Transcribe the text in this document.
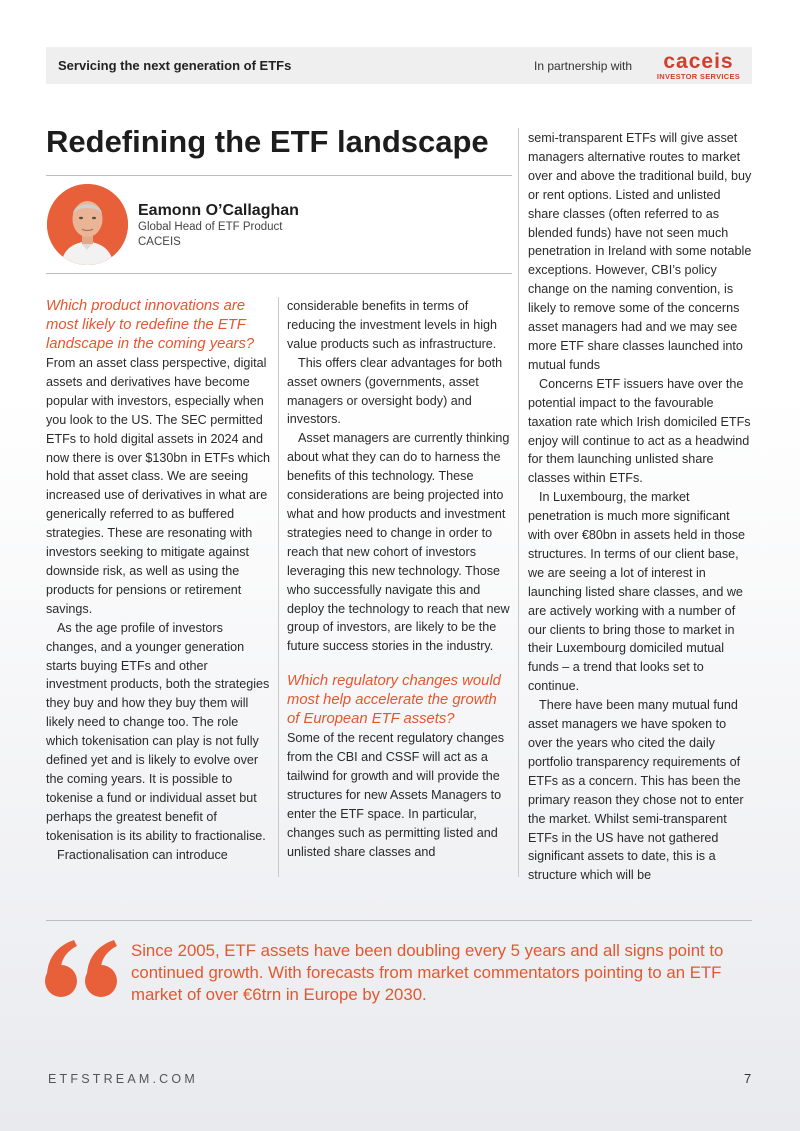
Servicing the next generation of ETFs	In partnership with	caceis
INVESTOR SERVICES
Redefining the ETF landscape
Eamonn O’Callaghan
Global Head of ETF Product
CACEIS
Which product innovations are most likely to redefine the ETF landscape in the coming years?

From an asset class perspective, digital assets and derivatives have become popular with investors, especially when you look to the US. The SEC permitted ETFs to hold digital assets in 2024 and now there is over $130bn in ETFs which hold that asset class. We are seeing increased use of derivatives in what are generically referred to as buffered strategies. These are resonating with investors seeking to mitigate against downside risk, as well as using the products for pensions or retirement savings.

As the age profile of investors changes, and a younger generation starts buying ETFs and other investment products, both the strategies they buy and how they buy them will likely need to change too. The role which tokenisation can play is not fully defined yet and is likely to evolve over the coming years. It is possible to tokenise a fund or individual asset but perhaps the greatest benefit of tokenisation is its ability to fractionalise.

Fractionalisation can introduce

considerable benefits in terms of reducing the investment levels in high value products such as infrastructure.

This offers clear advantages for both asset owners (governments, asset managers or oversight body) and investors.

Asset managers are currently thinking about what they can do to harness the benefits of this technology. These considerations are being projected into what and how products and investment strategies need to change in order to reach that new cohort of investors leveraging this new technology. Those who successfully navigate this and deploy the technology to reach that new group of investors, are likely to be the future success stories in the industry.

Which regulatory changes would most help accelerate the growth of European ETF assets?

Some of the recent regulatory changes from the CBI and CSSF will act as a tailwind for growth and will provide the structures for new Assets Managers to enter the ETF space. In particular, changes such as permitting listed and unlisted share classes and

semi-transparent ETFs will give asset managers alternative routes to market over and above the traditional build, buy or rent options. Listed and unlisted share classes (often referred to as blended funds) have not seen much penetration in Ireland with some notable exceptions. However, CBI’s policy change on the naming convention, is likely to remove some of the concerns asset managers had and we may see more ETF share classes launched into mutual funds

Concerns ETF issuers have over the potential impact to the favourable taxation rate which Irish domiciled ETFs enjoy will continue to act as a headwind for them launching unlisted share classes within ETFs.

In Luxembourg, the market penetration is much more significant with over €80bn in assets held in those structures. In terms of our client base, we are seeing a lot of interest in launching listed share classes, and we are actively working with a number of our clients to bring those to market in their Luxembourg domiciled mutual funds – a trend that looks set to continue.

There have been many mutual fund asset managers we have spoken to over the years who cited the daily portfolio transparency requirements of ETFs as a concern. This has been the primary reason they chose not to enter the market. Whilst semi-transparent ETFs in the US have not gathered significant assets to date, this is a structure which will be

Since 2005, ETF assets have been doubling every 5 years and all signs point to continued growth. With forecasts from market commentators pointing to an ETF market of over €6trn in Europe by 2030.
ETFSTREAM.COM	7
